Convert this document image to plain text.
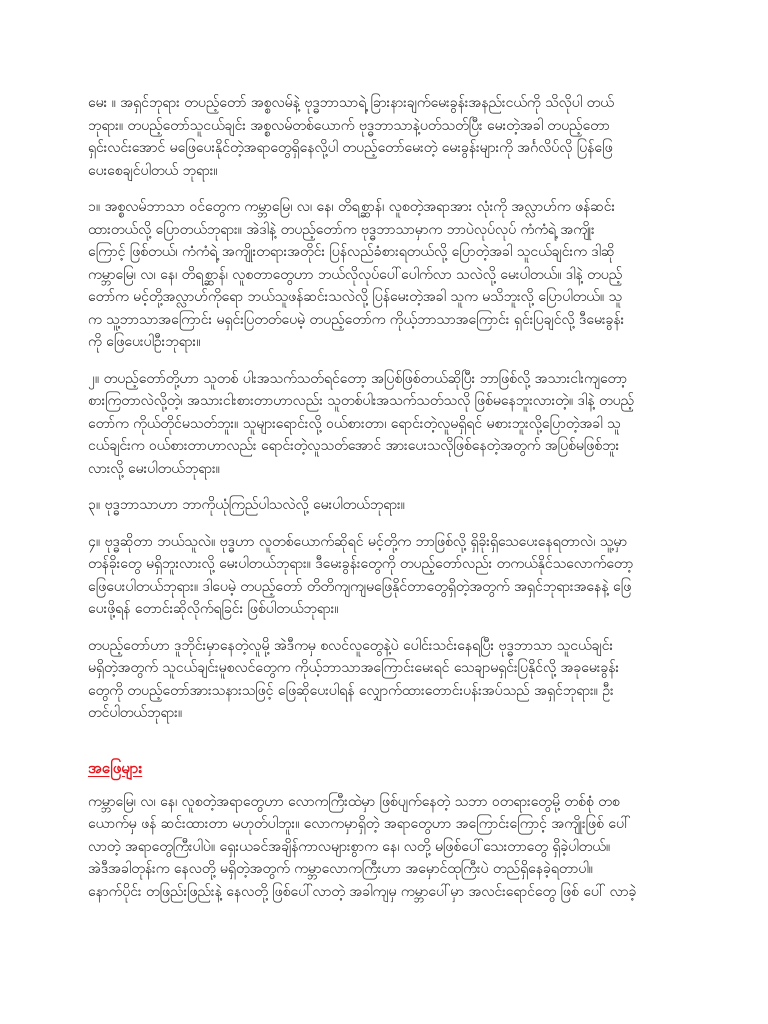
မေး ။ အရှင်ဘုရား တပည့်တော် အစ္စလမ်နဲ့ ဗုဒ္ဓဘာသာရဲ့ ခြားနားချက်မေးခွန်းအနည်းငယ်ကို သိလိုပါ တယ်
ဘုရား။ တပည့်တော်သူငယ်ချင်း အစ္စလမ်တစ်ယောက် ဗုဒ္ဓဘာသာနဲ့ပတ်သတ်ပြီး မေးတဲ့အခါ တပည့်တော
ရှင်းလင်းအောင် မဖြေပေးနိုင်တဲ့အရာတွေရှိနေလို့ပါ တပည့်တော်မေးတဲ့ မေးခွန်းများကို အင်္ဂလိပ်လို ပြန်ဖြေ
ပေးစေချင်ပါတယ် ဘုရား။

၁။ အစ္စလမ်ဘာသာ ဝင်တွေက ကမ္ဘာမြေ၊ လ၊ နေ၊ တိရစ္ဆာန်၊ လူစတဲ့အရာအား လုံးကို အလ္လာဟ်က ဖန်ဆင်း
ထားတယ်လို့ ပြောတယ်ဘုရား။ အဲဒါနဲ့ တပည့်တော်က ဗုဒ္ဓဘာသာမှာက ဘာပဲလုပ်လုပ် ကံကံရဲ့ အကျိုး
ကြောင့် ဖြစ်တယ်၊ ကံကံရဲ့ အကျိုးတရားအတိုင်း ပြန်လည်ခံစားရတယ်လို့ ပြောတဲ့အခါ သူငယ်ချင်းက ဒါဆို
ကမ္ဘာမြေ၊ လ၊ နေ၊ တိရစ္ဆာန်၊ လူစတာတွေဟာ ဘယ်လိုလုပ်ပေါ်ပေါက်လာ သလဲလို့ မေးပါတယ်။ ဒါနဲ့ တပည့်
တော်က မင့်တို့အလ္လာဟ်ကိုရော ဘယ်သူဖန်ဆင်းသလဲလို့ ပြန်မေးတဲ့အခါ သူက မသိဘူးလို့ ပြောပါတယ်။ သူ
က သူ့ဘာသာအကြောင်း မရှင်းပြတတ်ပေမဲ့ တပည့်တော်က ကိုယ့်ဘာသာအကြောင်း ရှင်းပြချင်လို့ ဒီမေးခွန်း
ကို ဖြေပေးပါဦးဘုရား။

၂။ တပည့်တော်တို့ဟာ သူတစ် ပါးအသက်သတ်ရင်တော့ အပြစ်ဖြစ်တယ်ဆိုပြီး ဘာဖြစ်လို့ အသားငါးကျတော့
စားကြတာလဲလို့တဲ့၊ အသားငါးစားတာဟာလည်း သူတစ်ပါးအသက်သတ်သလို ဖြစ်မနေဘူးလားတဲ့။ ဒါနဲ့ တပည့်
တော်က ကိုယ်တိုင်မသတ်ဘူး။ သူများရောင်းလို့ ဝယ်စားတာ၊ ရောင်းတဲ့လူမရှိရင် မစားဘူးလို့ပြောတဲ့အခါ သူ
ငယ်ချင်းက ဝယ်စားတာဟာလည်း ရောင်းတဲ့လူသတ်အောင် အားပေးသလိုဖြစ်နေတဲ့အတွက် အပြစ်မဖြစ်ဘူး
လားလို့ မေးပါတယ်ဘုရား။

၃။ ဗုဒ္ဓဘာသာဟာ ဘာကိုယုံကြည်ပါသလဲလို့ မေးပါတယ်ဘုရား။

၄။ ဗုဒ္ဓဆိုတာ ဘယ်သူလဲ။ ဗုဒ္ဓဟာ လူတစ်ယောက်ဆိုရင် မင့်တို့က ဘာဖြစ်လို့ ရှိခိုးရှိသေပေးနေရတာလဲ၊ သူ့မှာ
တန်ခိုးတွေ မရှိဘူးလားလို့ မေးပါတယ်ဘုရား။ ဒီမေးခွန်းတွေကို တပည့်တော်လည်း တကယ်နိုင်သလောက်တော့
ဖြေပေးပါတယ်ဘုရား။ ဒါပေမဲ့ တပည့်တော် တိတိကျကျမဖြေနိုင်တာတွေရှိတဲ့အတွက် အရှင်ဘုရားအနေနဲ့ ဖြေ
ပေးဖို့ရန် တောင်းဆိုလိုက်ရခြင်း ဖြစ်ပါတယ်ဘုရား။

တပည့်တော်ဟာ ဒူဘိုင်းမှာနေတဲ့လူမို့ အဲဒီကမှ စလင်လူတွေနဲ့ပဲ ပေါင်းသင်းနေရပြီး ဗုဒ္ဓဘာသာ သူငယ်ချင်း
မရှိတဲ့အတွက် သူငယ်ချင်းမူစလင်တွေက ကိုယ့်ဘာသာအကြောင်းမေးရင် သေချာမရှင်းပြနိုင်လို့ အခုမေးခွန်း
တွေကို တပည့်တော်အားသနားသဖြင့် ဖြေဆိုပေးပါရန် လျှောက်ထားတောင်းပန်းအပ်သည် အရှင်ဘုရား။ ဦး
တင်ပါတယ်ဘုရား။

အဖြေများ

ကမ္ဘာမြေ၊ လ၊ နေ၊ လူစတဲ့အရာတွေဟာ လောကကြီးထဲမှာ ဖြစ်ပျက်နေတဲ့ သဘာ ဝတရားတွေမို့ တစ်စုံ တစ
ယောက်မှ ဖန် ဆင်းထားတာ မဟုတ်ပါဘူး။ လောကမှာရှိတဲ့ အရာတွေဟာ အကြောင်းကြောင့် အကျိုးဖြစ် ပေါ်
လာတဲ့ အရာတွေကြီးပါပဲ။ ရှေးယခင်အချိန်ကာလများစွာက နေ၊ လတို့ မဖြစ်ပေါ်သေးတာတွေ ရှိခဲ့ပါတယ်။
အဲဒီအခါတုန်းက နေလတို့ မရှိတဲ့အတွက် ကမ္ဘာလောကကြီးဟာ အမှောင်ထုကြီးပဲ တည်ရှိနေခဲ့ရတာပါ။
နောက်ပိုင်း တဖြည်းဖြည်းနဲ့ နေလတို့ ဖြစ်ပေါ်လာတဲ့ အခါကျမှ ကမ္ဘာပေါ်မှာ အလင်းရောင်တွေ ဖြစ် ပေါ် လာခဲ့
